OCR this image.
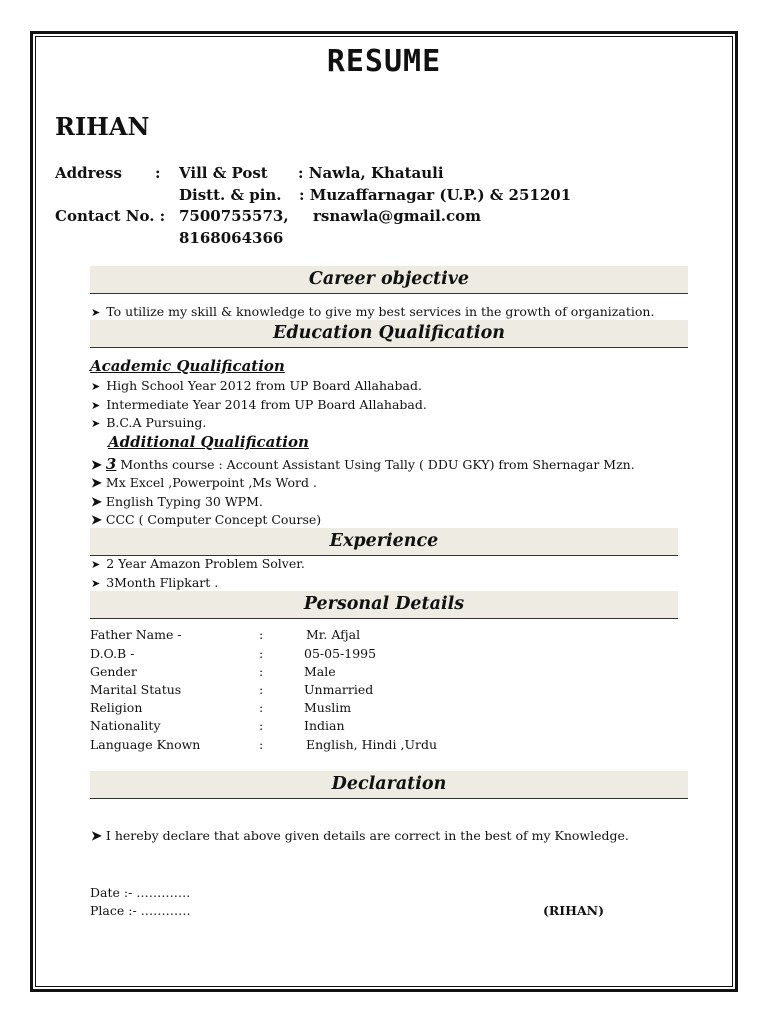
RESUME
RIHAN
Address : Vill & Post : Nawla, Khatauli
Distt. & pin. : Muzaffarnagar (U.P.) & 251201
Contact No. : 7500755573, rsnawla@gmail.com
8168064366
Career objective
➤ To utilize my skill & knowledge to give my best services in the growth of organization.
Education Qualification
Academic Qualification
➤ High School Year 2012 from UP Board Allahabad.
➤ Intermediate Year 2014 from UP Board Allahabad.
➤ B.C.A Pursuing.
Additional Qualification
➤ 3 Months course : Account Assistant Using Tally ( DDU GKY) from Shernagar Mzn.
➤ Mx Excel ,Powerpoint ,Ms Word .
➤ English Typing 30 WPM.
➤ CCC ( Computer Concept Course)
Experience
➤ 2 Year Amazon Problem Solver.
➤ 3Month Flipkart .
Personal Details
Father Name -	:	Mr. Afjal
D.O.B -	:	05-05-1995
Gender	:	Male
Marital Status	:	Unmarried
Religion	:	Muslim
Nationality	:	Indian
Language Known	:	English, Hindi ,Urdu
Declaration
➤ I hereby declare that above given details are correct in the best of my Knowledge.
Date :- ………….
Place :- …………	(RIHAN)
